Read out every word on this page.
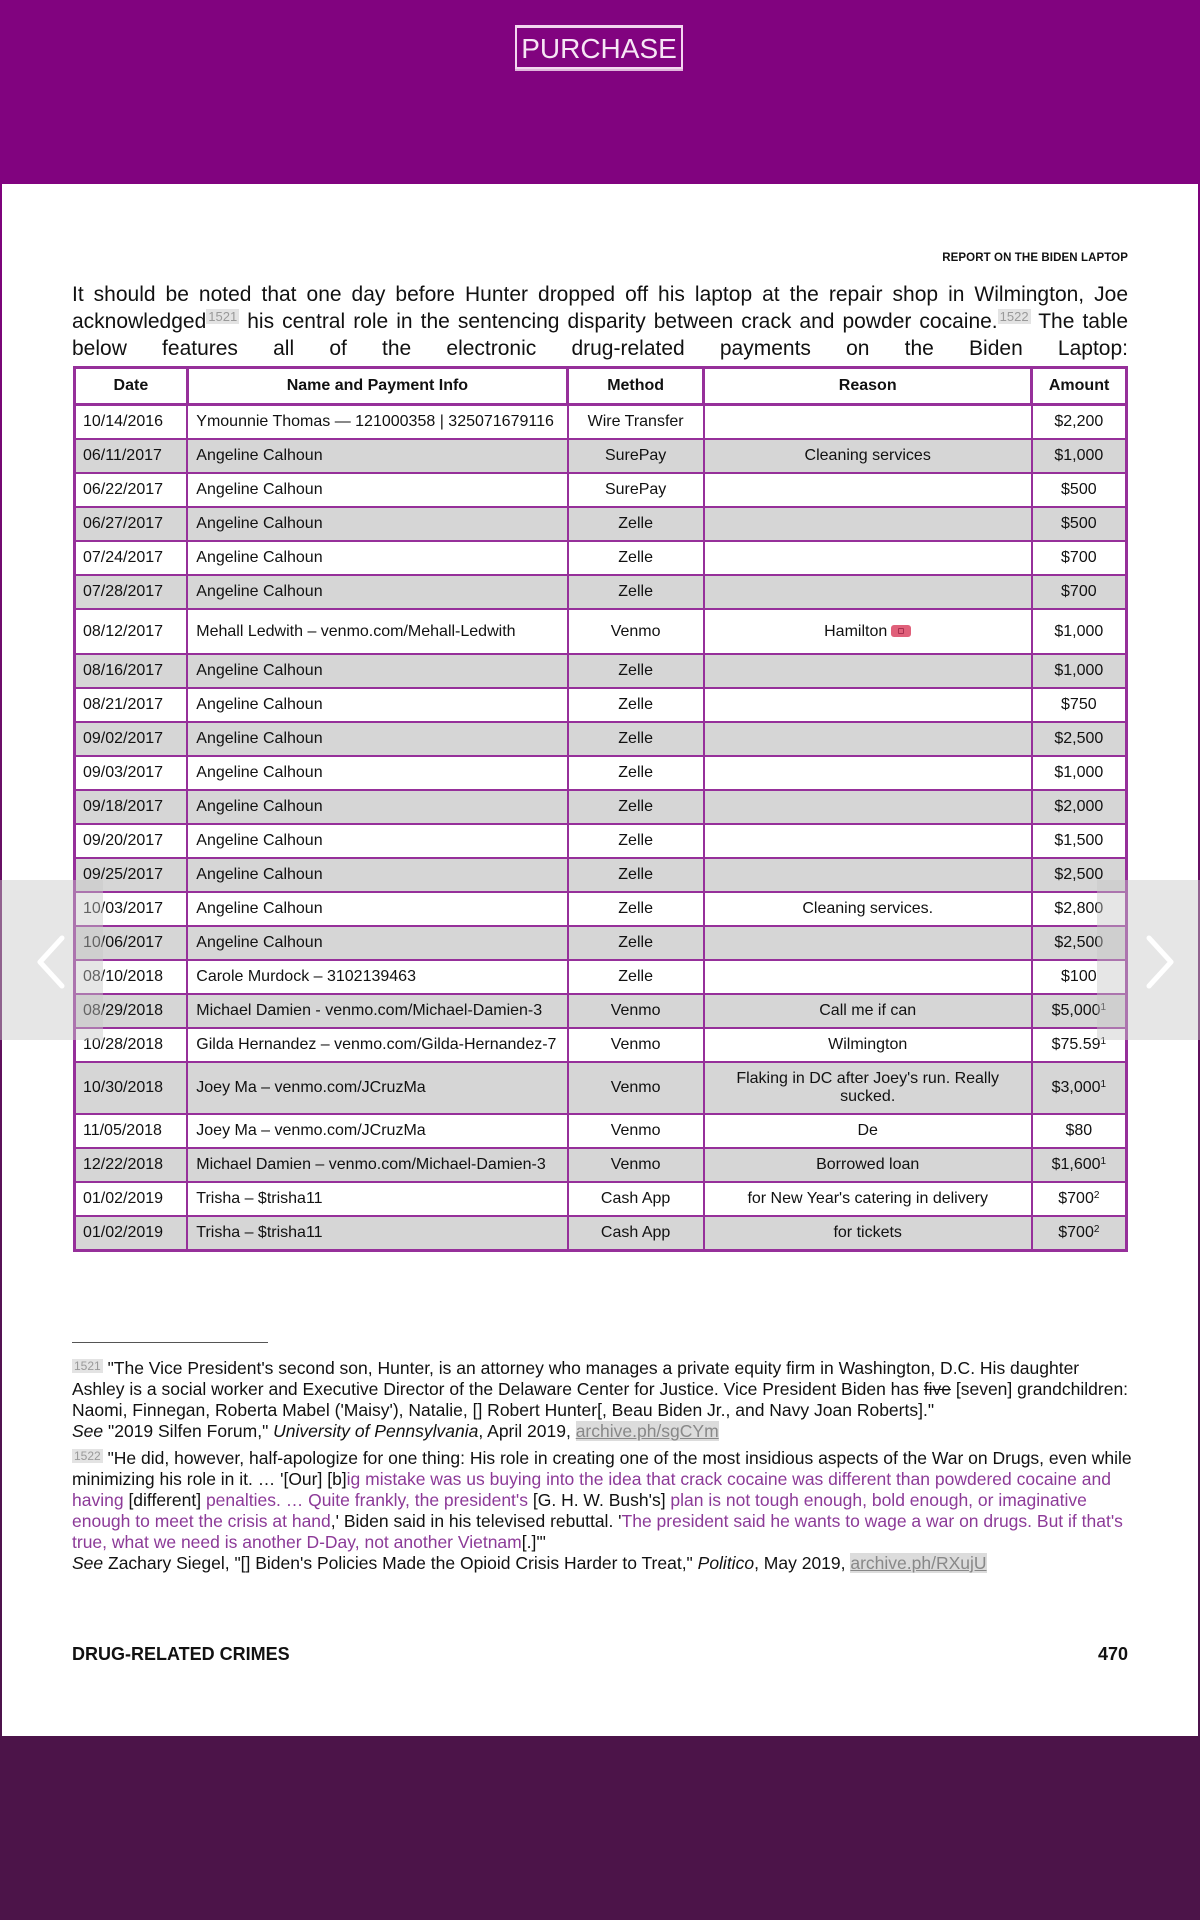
PURCHASE
REPORT ON THE BIDEN LAPTOP
It should be noted that one day before Hunter dropped off his laptop at the repair shop in Wilmington, Joe acknowledged $^{1521}$ his central role in the sentencing disparity between crack and powder cocaine. $^{1522}$ The table below features all of the electronic drug-related payments on the Biden Laptop:
Date	Name and Payment Info	Method	Reason	Amount
10/14/2016	Ymounnie Thomas — 121000358 | 325071679116	Wire Transfer		$2,200
06/11/2017	Angeline Calhoun	SurePay	Cleaning services	$1,000
06/22/2017	Angeline Calhoun	SurePay		$500
06/27/2017	Angeline Calhoun	Zelle		$500
07/24/2017	Angeline Calhoun	Zelle		$700
07/28/2017	Angeline Calhoun	Zelle		$700
08/12/2017	Mehall Ledwith – venmo.com/Mehall-Ledwith	Venmo	Hamilton	$1,000
08/16/2017	Angeline Calhoun	Zelle		$1,000
08/21/2017	Angeline Calhoun	Zelle		$750
09/02/2017	Angeline Calhoun	Zelle		$2,500
09/03/2017	Angeline Calhoun	Zelle		$1,000
09/18/2017	Angeline Calhoun	Zelle		$2,000
09/20/2017	Angeline Calhoun	Zelle		$1,500
09/25/2017	Angeline Calhoun	Zelle		$2,500
10/03/2017	Angeline Calhoun	Zelle	Cleaning services.	$2,800
10/06/2017	Angeline Calhoun	Zelle		$2,500
08/10/2018	Carole Murdock – 3102139463	Zelle		$100
08/29/2018	Michael Damien - venmo.com/Michael-Damien-3	Venmo	Call me if can	$5,000$^1$
10/28/2018	Gilda Hernandez – venmo.com/Gilda-Hernandez-7	Venmo	Wilmington	$75.59$^1$
10/30/2018	Joey Ma – venmo.com/JCruzMa	Venmo	Flaking in DC after Joey's run. Really sucked.	$3,000$^1$
11/05/2018	Joey Ma – venmo.com/JCruzMa	Venmo	De	$80
12/22/2018	Michael Damien – venmo.com/Michael-Damien-3	Venmo	Borrowed loan	$1,600$^1$
01/02/2019	Trisha – $trisha11	Cash App	for New Year's catering in delivery	$\$700^2$
01/02/2019	Trisha – $trisha11	Cash App	for tickets	$\$700^2$

$^{1521}$ "The Vice President's second son, Hunter, is an attorney who manages a private equity firm in Washington, D.C. His daughter Ashley is a social worker and Executive Director of the Delaware Center for Justice. Vice President Biden has five [seven] grandchildren: Naomi, Finnegan, Roberta Mabel ('Maisy'), Natalie, [] Robert Hunter[, Beau Biden Jr., and Navy Joan Roberts]."
See "2019 Silfen Forum," University of Pennsylvania, April 2019, archive.ph/sgCYm

$^{1522}$ "He did, however, half-apologize for one thing: His role in creating one of the most insidious aspects of the War on Drugs, even while minimizing his role in it. … '[Our] [b]ig mistake was us buying into the idea that crack cocaine was different than powdered cocaine and having [different] penalties. … Quite frankly, the president's [G. H. W. Bush's] plan is not tough enough, bold enough, or imaginative enough to meet the crisis at hand,' Biden said in his televised rebuttal. 'The president said he wants to wage a war on drugs. But if that's true, what we need is another D-Day, not another Vietnam[.]'"
See Zachary Siegel, "[] Biden's Policies Made the Opioid Crisis Harder to Treat," Politico, May 2019, archive.ph/RXujU

DRUG-RELATED CRIMES	470
